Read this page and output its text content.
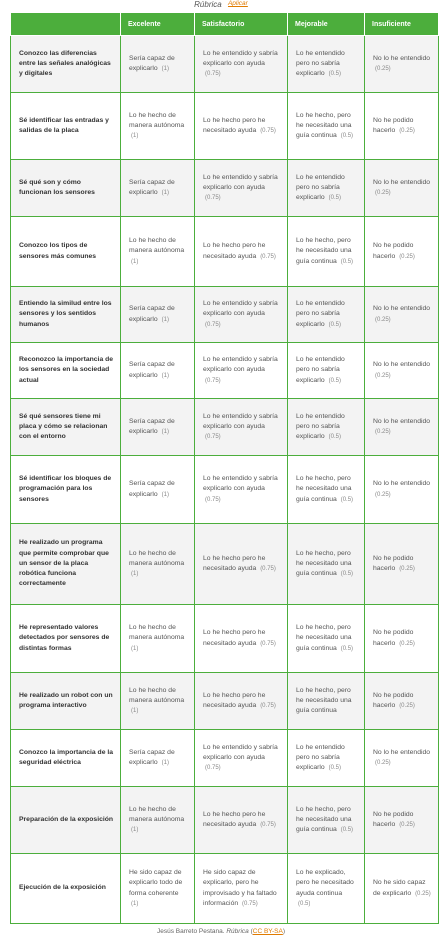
Rúbrica $^{Aplicar}$
	Excelente	Satisfactorio	Mejorable	Insuficiente
Conozco las diferencias entre las señales analógicas y digitales	Sería capaz de explicarlo (1)	Lo he entendido y sabría explicarlo con ayuda (0.75)	Lo he entendido pero no sabría explicarlo (0.5)	No lo he entendido (0.25)
Sé identificar las entradas y salidas de la placa	Lo he hecho de manera autónoma (1)	Lo he hecho pero he necesitado ayuda (0.75)	Lo he hecho, pero he necesitado una guía continua (0.5)	No he podido hacerlo (0.25)
Sé qué son y cómo funcionan los sensores	Sería capaz de explicarlo (1)	Lo he entendido y sabría explicarlo con ayuda (0.75)	Lo he entendido pero no sabría explicarlo (0.5)	No lo he entendido (0.25)
Conozco los tipos de sensores más comunes	Lo he hecho de manera autónoma (1)	Lo he hecho pero he necesitado ayuda (0.75)	Lo he hecho, pero he necesitado una guía continua (0.5)	No he podido hacerlo (0.25)
Entiendo la similud entre los sensores y los sentidos humanos	Sería capaz de explicarlo (1)	Lo he entendido y sabría explicarlo con ayuda (0.75)	Lo he entendido pero no sabría explicarlo (0.5)	No lo he entendido (0.25)
Reconozco la importancia de los sensores en la sociedad actual	Sería capaz de explicarlo (1)	Lo he entendido y sabría explicarlo con ayuda (0.75)	Lo he entendido pero no sabría explicarlo (0.5)	No lo he entendido (0.25)
Sé qué sensores tiene mi placa y cómo se relacionan con el entorno	Sería capaz de explicarlo (1)	Lo he entendido y sabría explicarlo con ayuda (0.75)	Lo he entendido pero no sabría explicarlo (0.5)	No lo he entendido (0.25)
Sé identificar los bloques de programación para los sensores	Sería capaz de explicarlo (1)	Lo he entendido y sabría explicarlo con ayuda (0.75)	Lo he hecho, pero he necesitado una guía continua (0.5)	No lo he entendido (0.25)
He realizado un programa que permite comprobar que un sensor de la placa robótica funciona correctamente	Lo he hecho de manera autónoma (1)	Lo he hecho pero he necesitado ayuda (0.75)	Lo he hecho, pero he necesitado una guía continua (0.5)	No he podido hacerlo (0.25)
He representado valores detectados por sensores de distintas formas	Lo he hecho de manera autónoma (1)	Lo he hecho pero he necesitado ayuda (0.75)	Lo he hecho, pero he necesitado una guía continua (0.5)	No he podido hacerlo (0.25)
He realizado un robot con un programa interactivo	Lo he hecho de manera autónoma (1)	Lo he hecho pero he necesitado ayuda (0.75)	Lo he hecho, pero he necesitado una guía continua	No he podido hacerlo (0.25)
Conozco la importancia de la seguridad eléctrica	Sería capaz de explicarlo (1)	Lo he entendido y sabría explicarlo con ayuda (0.75)	Lo he entendido pero no sabría explicarlo (0.5)	No lo he entendido (0.25)
Preparación de la exposición	Lo he hecho de manera autónoma (1)	Lo he hecho pero he necesitado ayuda (0.75)	Lo he hecho, pero he necesitado una guía continua (0.5)	No he podido hacerlo (0.25)
Ejecución de la exposición	He sido capaz de explicarlo todo de forma coherente (1)	He sido capaz de explicarlo, pero he improvisado y ha faltado información (0.75)	Lo he explicado, pero he necesitado ayuda continua (0.5)	No he sido capaz de explicarlo (0.25)
Jesús Barreto Pestana. Rúbrica (CC BY-SA)
